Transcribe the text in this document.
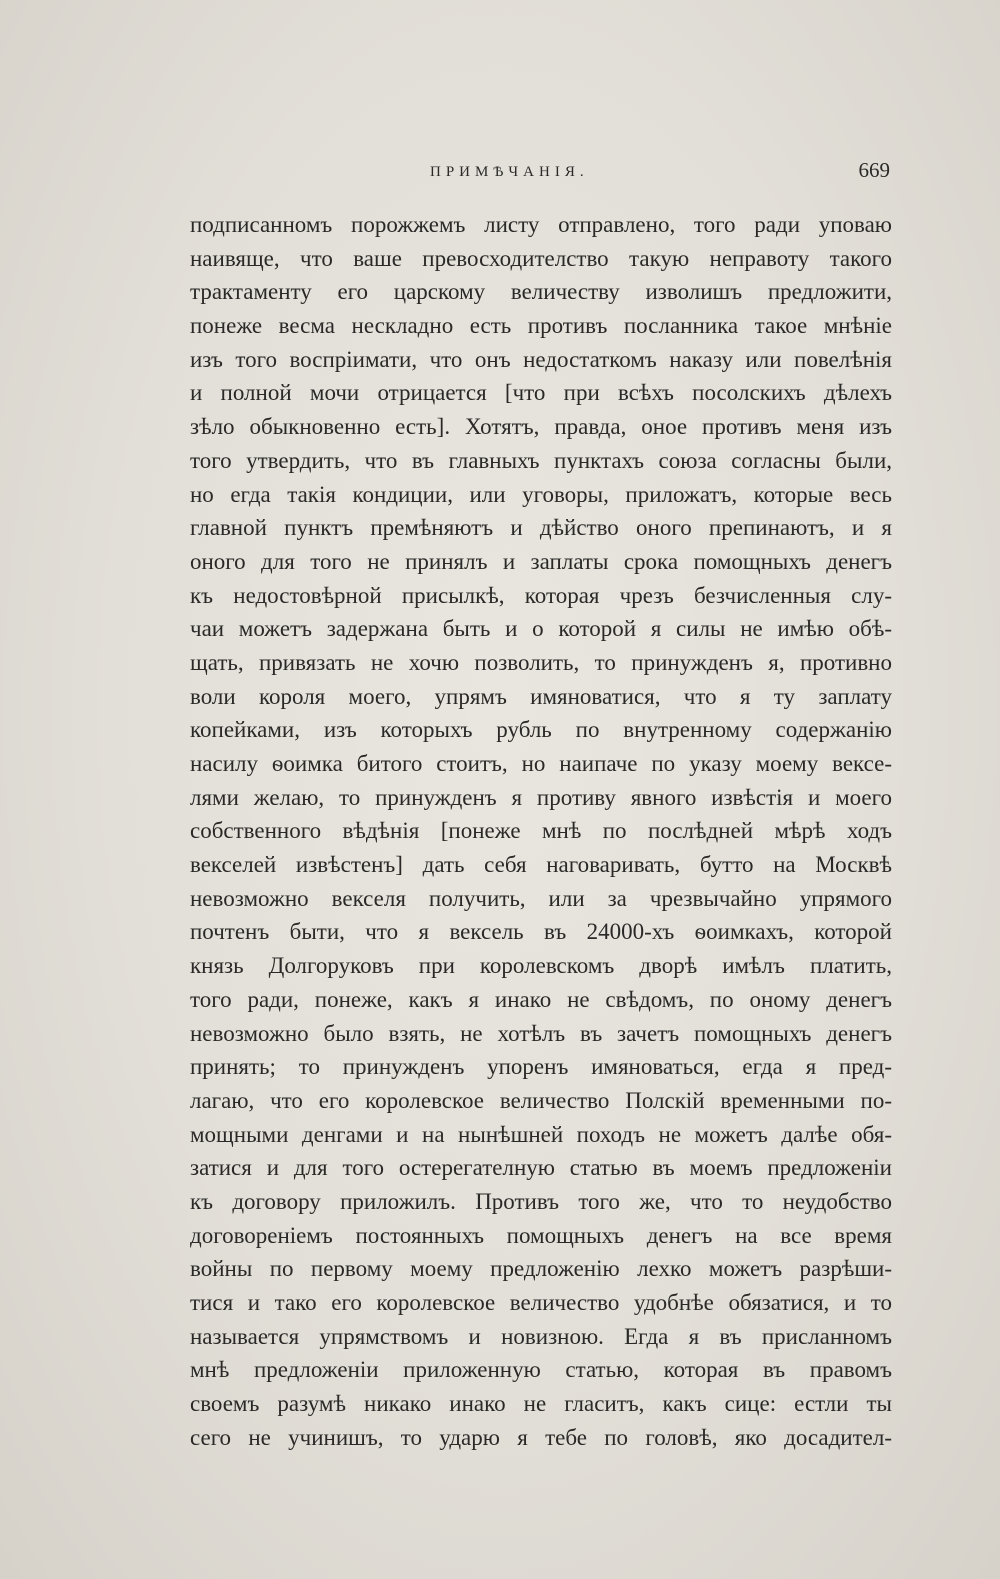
ПРИМѢЧАНІЯ.	669
подписанномъ порожжемъ листу отправлено, того ради уповаю
наивяще, что ваше превосходителство такую неправоту такого
трактаменту его царскому величеству изволишъ предложити,
понеже весма нескладно есть противъ посланника такое мнѣніе
изъ того воспріимати, что онъ недостаткомъ наказу или повелѣнія
и полной мочи отрицается [что при всѣхъ посолскихъ дѣлехъ
зѣло обыкновенно есть]. Хотятъ, правда, оное противъ меня изъ
того утвердить, что въ главныхъ пунктахъ союза согласны были,
но егда такія кондиции, или уговоры, приложатъ, которые весь
главной пунктъ премѣняютъ и дѣйство оного препинаютъ, и я
оного для того не принялъ и заплаты срока помощныхъ денегъ
къ недостовѣрной присылкѣ, которая чрезъ безчисленныя слу-
чаи можетъ задержана быть и о которой я силы не имѣю обѣ-
щать, привязать не хочю позволить, то принужденъ я, противно
воли короля моего, упрямъ имяноватися, что я ту заплату
копейками, изъ которыхъ рубль по внутренному содержанію
насилу ѳоимка битого стоитъ, но наипаче по указу моему вексе-
лями желаю, то принужденъ я противу явного извѣстія и моего
собственного вѣдѣнія [понеже мнѣ по послѣдней мѣрѣ ходъ
векселей извѣстенъ] дать себя наговаривать, бутто на Москвѣ
невозможно векселя получить, или за чрезвычайно упрямого
почтенъ быти, что я вексель въ 24000-хъ ѳоимкахъ, которой
князь Долгоруковъ при королевскомъ дворѣ имѣлъ платить,
того ради, понеже, какъ я инако не свѣдомъ, по оному денегъ
невозможно было взять, не хотѣлъ въ зачетъ помощныхъ денегъ
принять; то принужденъ упоренъ имяноваться, егда я пред-
лагаю, что его королевское величество Полскій временными по-
мощными денгами и на нынѣшней походъ не можетъ далѣе обя-
затися и для того остерегателную статью въ моемъ предложеніи
къ договору приложилъ. Противъ того же, что то неудобство
договореніемъ постоянныхъ помощныхъ денегъ на все время
войны по первому моему предложенію лехко можетъ разрѣши-
тися и тако его королевское величество удобнѣе обязатися, и то
называется упрямствомъ и новизною. Егда я въ присланномъ
мнѣ предложеніи приложенную статью, которая въ правомъ
своемъ разумѣ никако инако не гласитъ, какъ сице: естли ты
сего не учинишъ, то ударю я тебе по головѣ, яко досадител-
